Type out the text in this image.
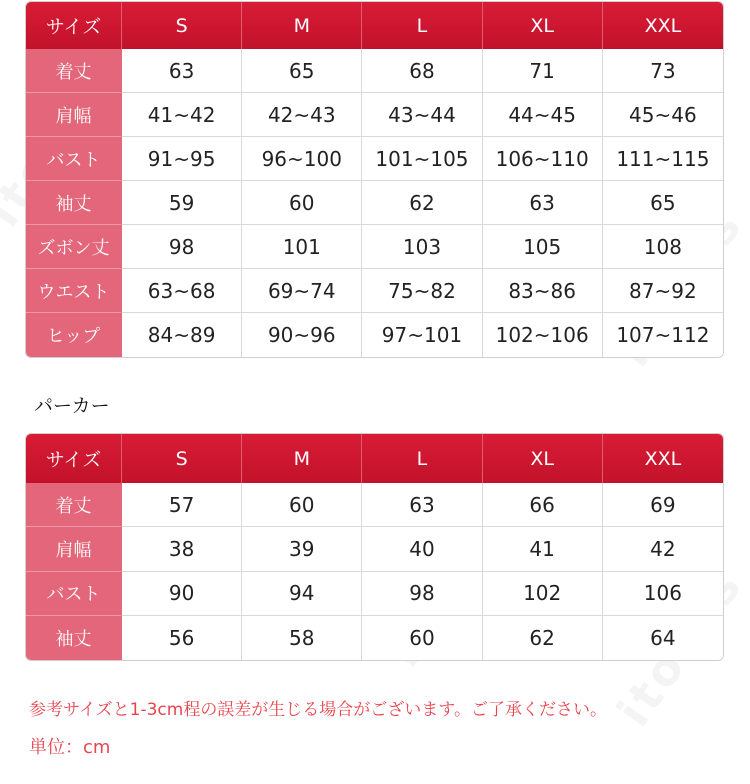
サイズ	S	M	L	XL	XXL
着丈	63	65	68	71	73
肩幅	41~42	42~43	43~44	44~45	45~46
バスト	91~95	96~100	101~105	106~110	111~115
袖丈	59	60	62	63	65
ズボン丈	98	101	103	105	108
ウエスト	63~68	69~74	75~82	83~86	87~92
ヒップ	84~89	90~96	97~101	102~106	107~112
パーカー
サイズ	S	M	L	XL	XXL
着丈	57	60	63	66	69
肩幅	38	39	40	41	42
バスト	90	94	98	102	106
袖丈	56	58	60	62	64
参考サイズと1-3cm程の誤差が生じる場合がございます。ご了承ください。
単位：cm
